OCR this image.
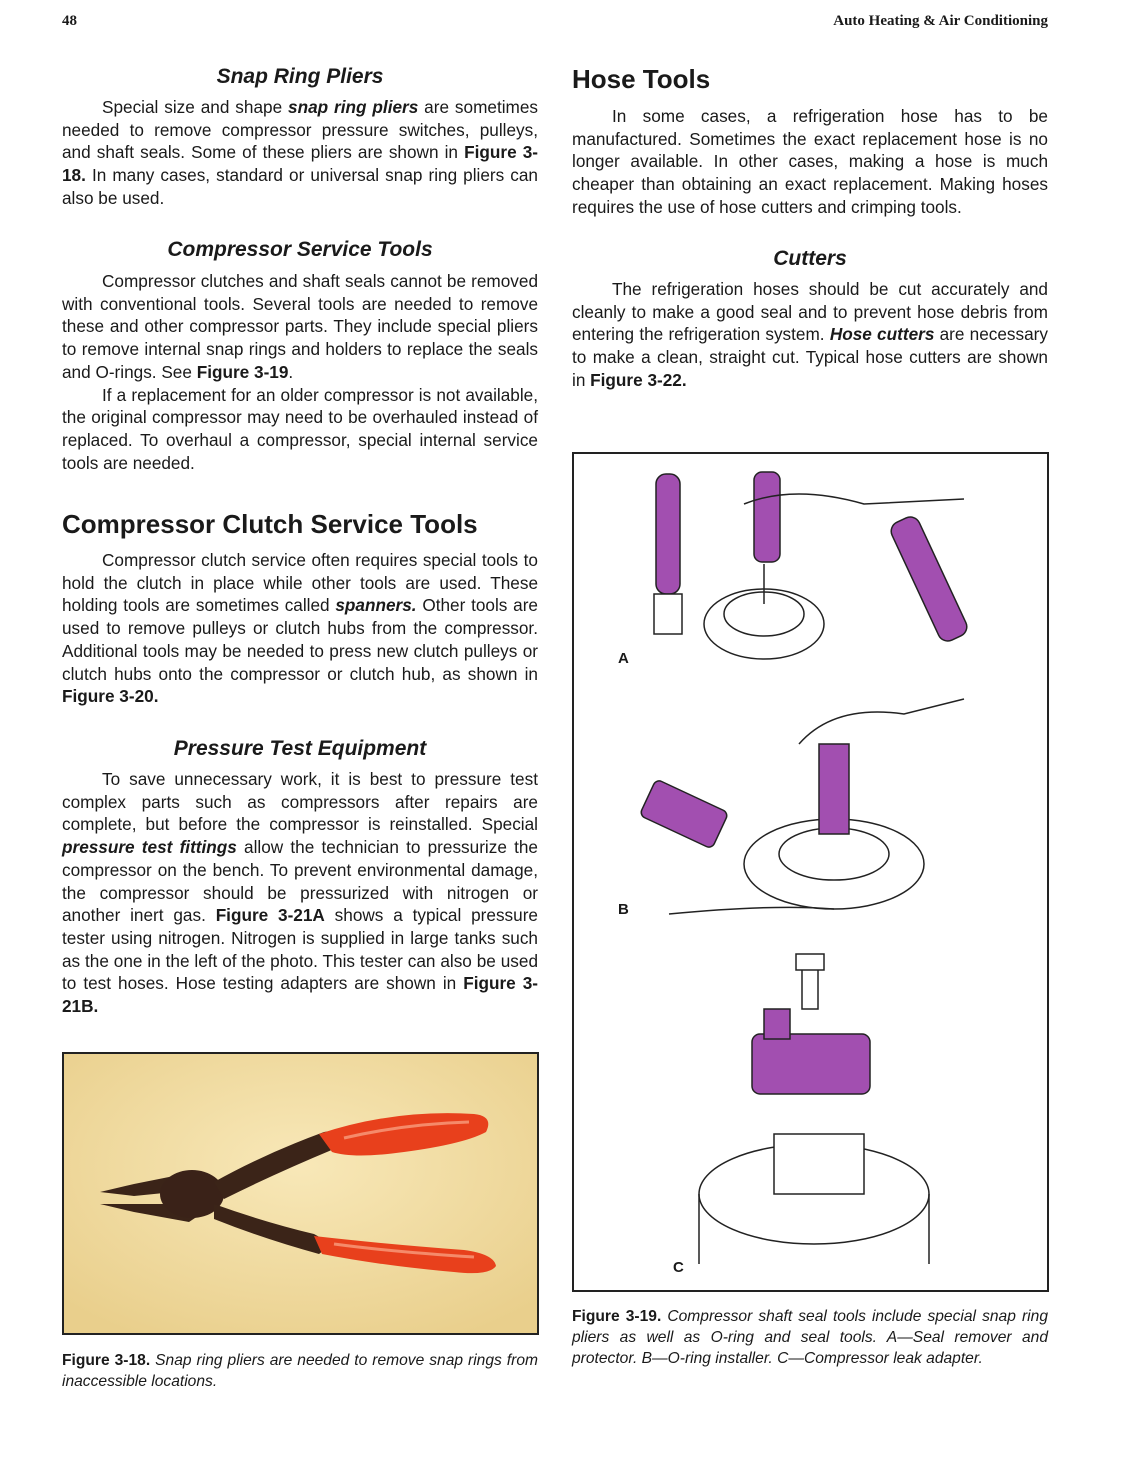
48	Auto Heating & Air Conditioning
Snap Ring Pliers

Special size and shape snap ring pliers are sometimes needed to remove compressor pressure switches, pulleys, and shaft seals. Some of these pliers are shown in Figure 3-18. In many cases, standard or universal snap ring pliers can also be used.

Compressor Service Tools

Compressor clutches and shaft seals cannot be removed with conventional tools. Several tools are needed to remove these and other compressor parts. They include special pliers to remove internal snap rings and holders to replace the seals and O-rings. See Figure 3-19.

If a replacement for an older compressor is not available, the original compressor may need to be overhauled instead of replaced. To overhaul a compressor, special internal service tools are needed.

Compressor Clutch Service Tools

Compressor clutch service often requires special tools to hold the clutch in place while other tools are used. These holding tools are sometimes called spanners. Other tools are used to remove pulleys or clutch hubs from the compressor. Additional tools may be needed to press new clutch pulleys or clutch hubs onto the compressor or clutch hub, as shown in Figure 3-20.

Pressure Test Equipment

To save unnecessary work, it is best to pressure test complex parts such as compressors after repairs are complete, but before the compressor is reinstalled. Special pressure test fittings allow the technician to pressurize the compressor on the bench. To prevent environmental damage, the compressor should be pressurized with nitrogen or another inert gas. Figure 3-21A shows a typical pressure tester using nitrogen. Nitrogen is supplied in large tanks such as the one in the left of the photo. This tester can also be used to test hoses. Hose testing adapters are shown in Figure 3-21B.

Figure 3-18. Snap ring pliers are needed to remove snap rings from inaccessible locations.
Hose Tools

In some cases, a refrigeration hose has to be manufactured. Sometimes the exact replacement hose is no longer available. In other cases, making a hose is much cheaper than obtaining an exact replacement. Making hoses requires the use of hose cutters and crimping tools.

Cutters

The refrigeration hoses should be cut accurately and cleanly to make a good seal and to prevent hose debris from entering the refrigeration system. Hose cutters are necessary to make a clean, straight cut. Typical hose cutters are shown in Figure 3-22.

A
B
C
Figure 3-19. Compressor shaft seal tools include special snap ring pliers as well as O-ring and seal tools. A—Seal remover and protector. B—O-ring installer. C—Compressor leak adapter.
